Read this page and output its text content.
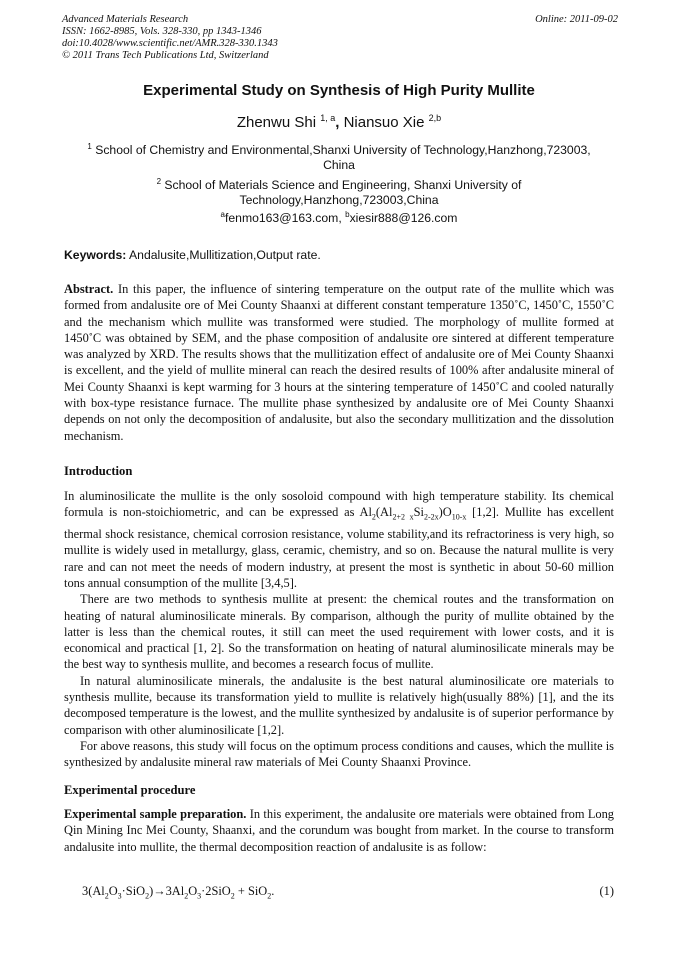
Advanced Materials Research
ISSN: 1662-8985, Vols. 328-330, pp 1343-1346
doi:10.4028/www.scientific.net/AMR.328-330.1343
© 2011 Trans Tech Publications Ltd, Switzerland
Online: 2011-09-02
Experimental Study on Synthesis of High Purity Mullite
Zhenwu Shi $^{1, a}$, Niansuo Xie $^{2,b}$
$^1$ School of Chemistry and Environmental,Shanxi University of Technology,Hanzhong,723003, China
$^2$ School of Materials Science and Engineering, Shanxi University of Technology,Hanzhong,723003,China
$^a$fenmo163@163.com, $^b$xiesir888@126.com
Keywords: Andalusite,Mullitization,Output rate.

Abstract. In this paper, the influence of sintering temperature on the output rate of the mullite which was formed from andalusite ore of Mei County Shaanxi at different constant temperature 1350˚C, 1450˚C, 1550˚C and the mechanism which mullite was transformed were studied. The morphology of mullite formed at 1450˚C was obtained by SEM, and the phase composition of andalusite ore sintered at different temperature was analyzed by XRD. The results shows that the mullitization effect of andalusite ore of Mei County Shaanxi is excellent, and the yield of mullite mineral can reach the desired results of 100% after andalusite mineral of Mei County Shaanxi is kept warming for 3 hours at the sintering temperature of 1450˚C and cooled naturally with box-type resistance furnace. The mullite phase synthesized by andalusite ore of Mei County Shaanxi depends on not only the decomposition of andalusite, but also the secondary mullitization and the dissolution mechanism.

Introduction

In aluminosilicate the mullite is the only sosoloid compound with high temperature stability. Its chemical formula is non-stoichiometric, and can be expressed as $Al_2(Al_{2+2 x}Si_{2-2x})O_{10-x}$ [1,2]. Mullite has excellent thermal shock resistance, chemical corrosion resistance, volume stability,and its refractoriness is very high, so mullite is widely used in metallurgy, glass, ceramic, chemistry, and so on. Because the natural mullite is very rare and can not meet the needs of modern industry, at present the most is synthetic in about 50-60 million tons annual consumption of the mullite [3,4,5].

There are two methods to synthesis mullite at present: the chemical routes and the transformation on heating of natural aluminosilicate minerals. By comparison, although the purity of mullite obtained by the latter is less than the chemical routes, it still can meet the used requirement with lower costs, and it is economical and practical [1, 2]. So the transformation on heating of natural aluminosilicate minerals may be the best way to synthesis mullite, and becomes a research focus of mullite.

In natural aluminosilicate minerals, the andalusite is the best natural aluminosilicate ore materials to synthesis mullite, because its transformation yield to mullite is relatively high(usually 88%) [1], and the its decomposed temperature is the lowest, and the mullite synthesized by andalusite is of superior performance by comparison with other aluminosilicate [1,2].

For above reasons, this study will focus on the optimum process conditions and causes, which the mullite is synthesized by andalusite mineral raw materials of Mei County Shaanxi Province.

Experimental procedure

Experimental sample preparation. In this experiment, the andalusite ore materials were obtained from Long Qin Mining Inc Mei County, Shaanxi, and the corundum was bought from market. In the course to transform andalusite into mullite, the thermal decomposition reaction of andalusite is as follow:

$3(Al_2O_3\cdot SiO_2)\to 3Al_2O_3\cdot 2SiO_2 + SiO_2$.	(1)
